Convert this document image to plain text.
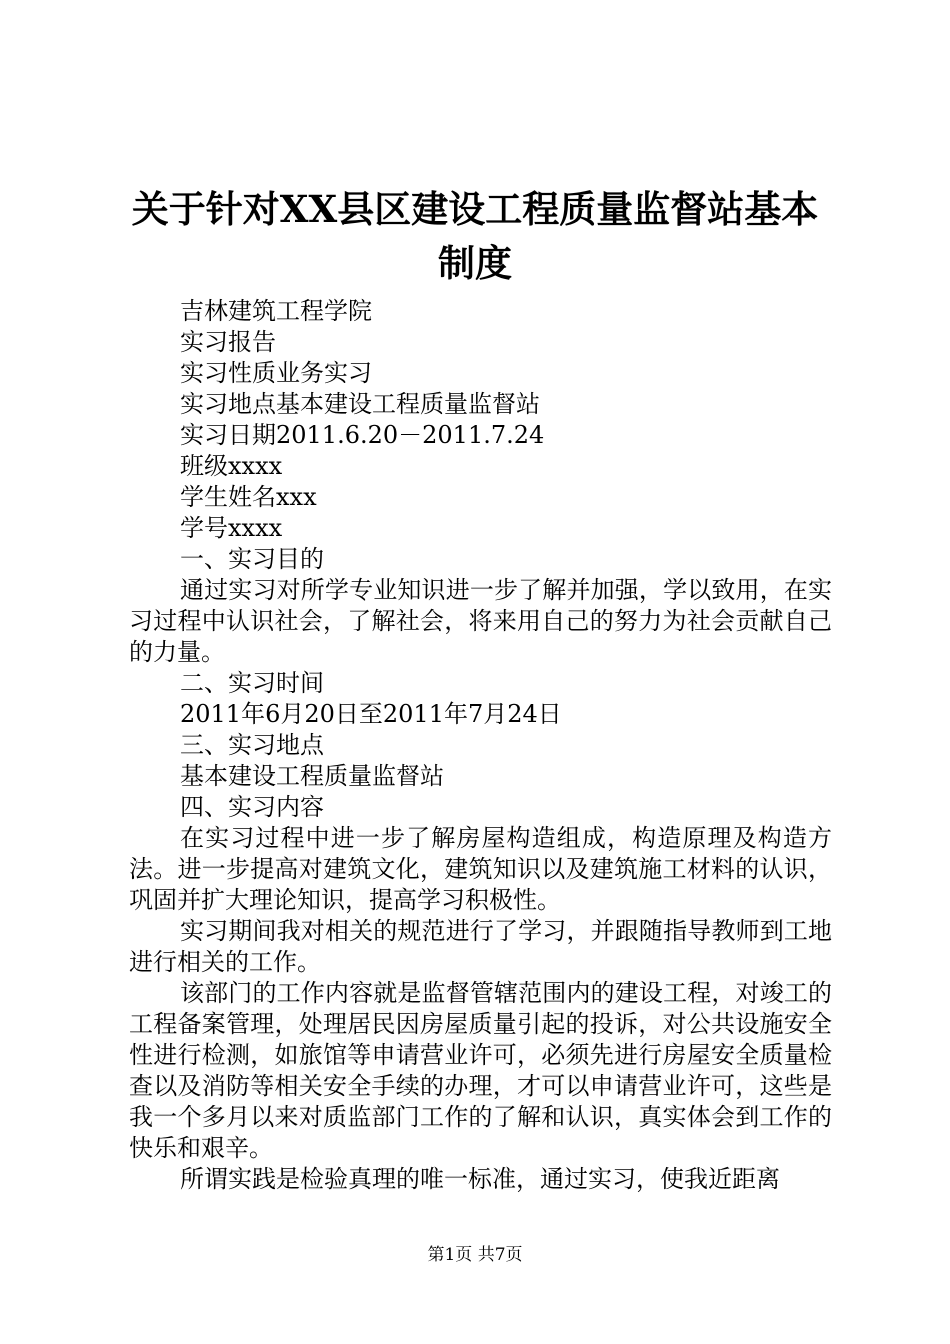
关于针对XX县区建设工程质量监督站基本制度
吉林建筑工程学院
实习报告
实习性质业务实习
实习地点基本建设工程质量监督站
实习日期2011.6.20－2011.7.24
班级xxxx
学生姓名xxx
学号xxxx
一、实习目的
通过实习对所学专业知识进一步了解并加强，学以致用，在实习过程中认识社会，了解社会，将来用自己的努力为社会贡献自己的力量。
二、实习时间
2011年6月20日至2011年7月24日
三、实习地点
基本建设工程质量监督站
四、实习内容
在实习过程中进一步了解房屋构造组成，构造原理及构造方法。进一步提高对建筑文化，建筑知识以及建筑施工材料的认识，巩固并扩大理论知识，提高学习积极性。
实习期间我对相关的规范进行了学习，并跟随指导教师到工地进行相关的工作。
该部门的工作内容就是监督管辖范围内的建设工程，对竣工的工程备案管理，处理居民因房屋质量引起的投诉，对公共设施安全性进行检测，如旅馆等申请营业许可，必须先进行房屋安全质量检查以及消防等相关安全手续的办理，才可以申请营业许可，这些是我一个多月以来对质监部门工作的了解和认识，真实体会到工作的快乐和艰辛。
所谓实践是检验真理的唯一标准，通过实习，使我近距离
第1页 共7页
